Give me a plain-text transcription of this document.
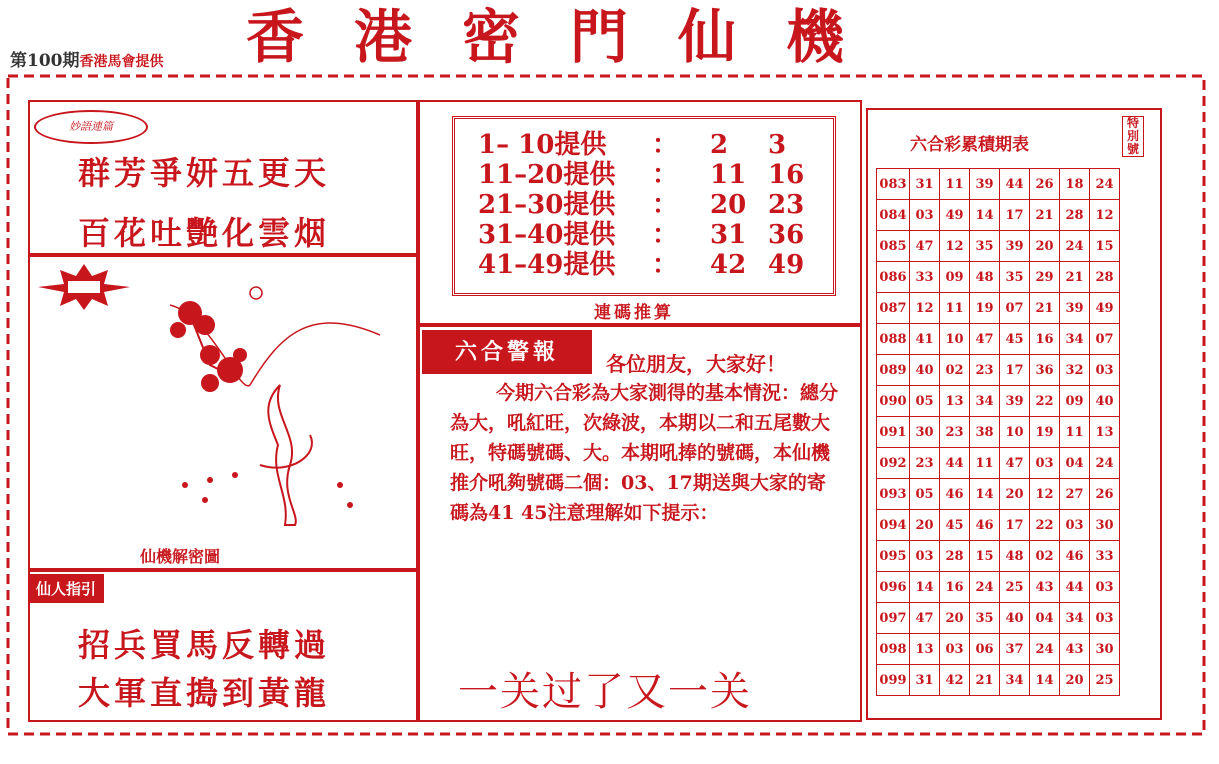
第100期香港馬會提供 香港密門仙機
妙語連篇
群芳爭妍五更天
百花吐艷化雲烟
仙機解密圖
仙人指引
招兵買馬反轉過
大軍直搗到黃龍
1– 10提供	：	2	3
11–20提供	：	11 16
21–30提供	：	20 23
31–40提供	：	31 36
41–49提供	：	42 49
連碼推算
六合警報	各位朋友，大家好！
今期六合彩為大家測得的基本情況：總分為大，吼紅旺，次綠波，本期以二和五尾數大旺，特碼號碼、大。本期吼捧的號碼，本仙機推介吼夠號碼二個：03、17期送與大家的寄碼為41 45注意理解如下提示：
一关过了又一关
六合彩累積期表
特別號
083	31	11	39	44	26	18	24
084	03	49	14	17	21	28	12
085	47	12	35	39	20	24	15
086	33	09	48	35	29	21	28
087	12	11	19	07	21	39	49
088	41	10	47	45	16	34	07
089	40	02	23	17	36	32	03
090	05	13	34	39	22	09	40
091	30	23	38	10	19	11	13
092	23	44	11	47	03	04	24
093	05	46	14	20	12	27	26
094	20	45	46	17	22	03	30
095	03	28	15	48	02	46	33
096	14	16	24	25	43	44	03
097	47	20	35	40	04	34	03
098	13	03	06	37	24	43	30
099	31	42	21	34	14	20	25
